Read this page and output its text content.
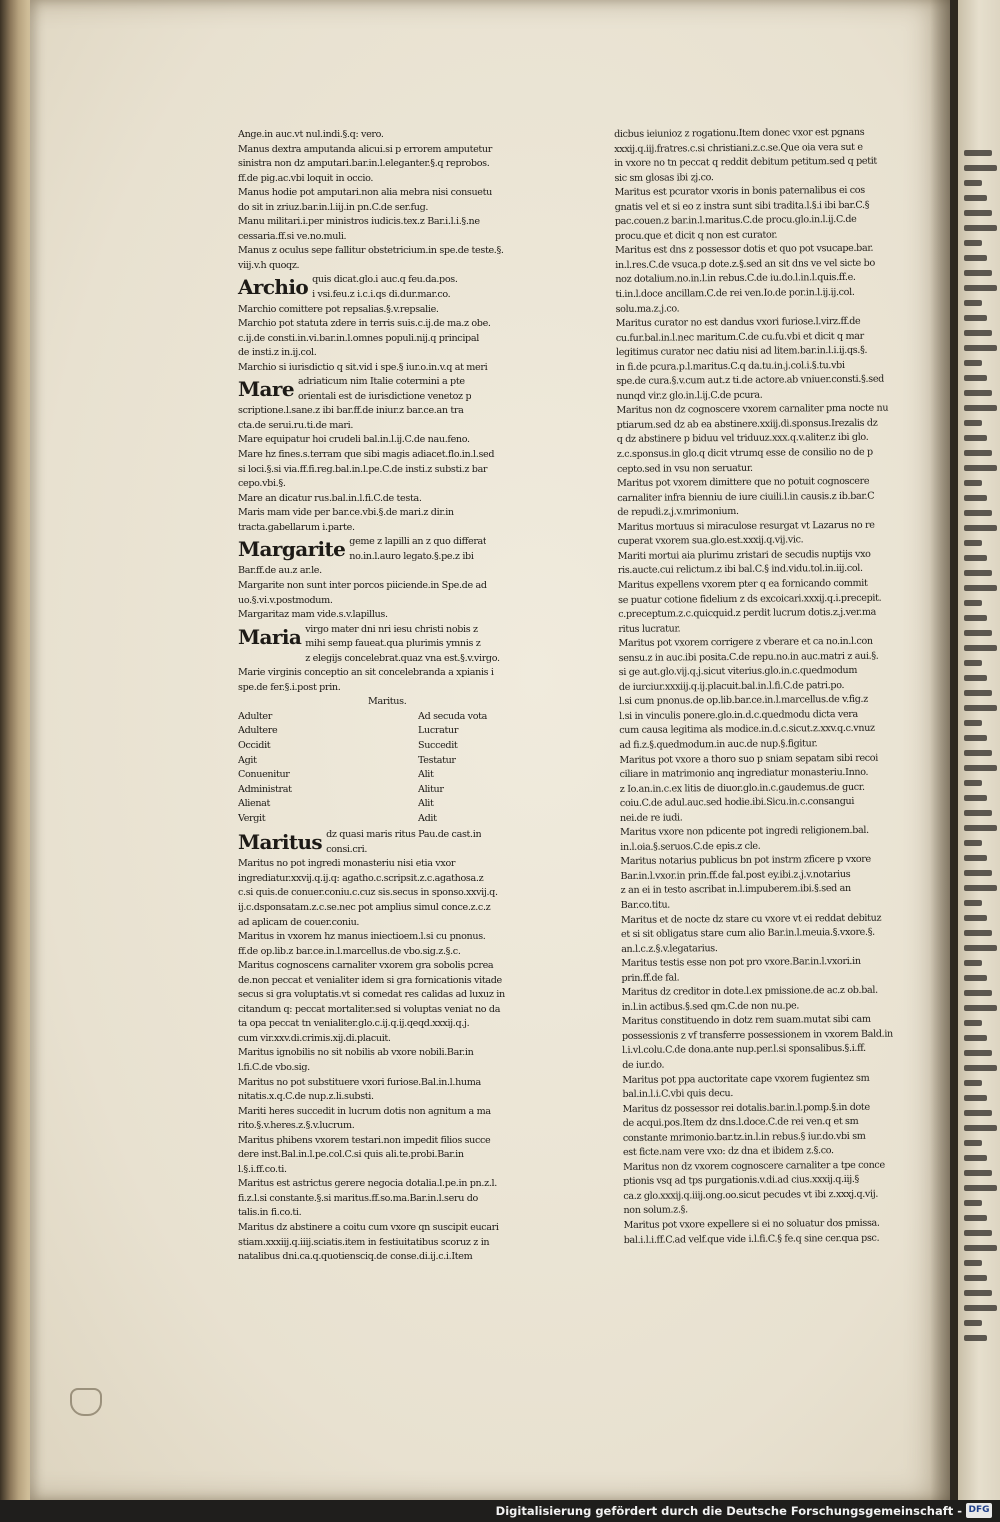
Ange.in auc.vt nul.indi.§.q: vero.
Manus dextra amputanda alicui.si p errorem amputetur
sinistra non dz amputari.bar.in.l.eleganter.§.q reprobos.
ff.de pig.ac.vbi loquit in occio.
Manus hodie pot amputari.non alia mebra nisi consuetu
do sit in zriuz.bar.in.l.iij.in pn.C.de ser.fug.
Manu militari.i.per ministros iudicis.tex.z Bar.i.l.i.§.ne
cessaria.ff.si ve.no.muli.
Manus z oculus sepe fallitur obstetricium.in spe.de teste.§.
viij.v.h quoqz.
Archio quis dicat.glo.i auc.q feu.da.pos.
i vsi.feu.z i.c.i.qs di.dur.mar.co.
Marchio comittere pot repsalias.§.v.repsalie.
Marchio pot statuta zdere in terris suis.c.ij.de ma.z obe.
c.ij.de consti.in.vi.bar.in.l.omnes populi.nij.q principal
de insti.z in.ij.col.
Marchio si iurisdictio q sit.vid i spe.§ iur.o.in.v.q at meri
Mare adriaticum nim Italie cotermini a pte
orientali est de iurisdictione venetoz p
scriptione.l.sane.z ibi bar.ff.de iniur.z bar.ce.an tra
cta.de serui.ru.ti.de mari.
Mare equipatur hoi crudeli bal.in.l.ij.C.de nau.feno.
Mare hz fines.s.terram que sibi magis adiacet.flo.in.l.sed
si loci.§.si via.ff.fi.reg.bal.in.l.pe.C.de insti.z substi.z bar
cepo.vbi.§.
Mare an dicatur rus.bal.in.l.fi.C.de testa.
Maris mam vide per bar.ce.vbi.§.de mari.z dir.in
tracta.gabellarum i.parte.
Margarite geme z lapilli an z quo differat
no.in.l.auro legato.§.pe.z ibi
Bar.ff.de au.z ar.le.
Margarite non sunt inter porcos piiciende.in Spe.de ad
uo.§.vi.v.postmodum.
Margaritaz mam vide.s.v.lapillus.
Maria virgo mater dni nri iesu christi nobis z
mihi semp faueat.qua plurimis ymnis z
z elegijs concelebrat.quaz vna est.§.v.virgo.
Marie virginis conceptio an sit concelebranda a xpianis i
spe.de fer.§.i.post prin.
Maritus.
Adulter	Ad secuda vota
Adultere	Lucratur
Occidit	Succedit
Agit	Testatur
Conuenitur	Alit
Administrat	Alitur
Alienat	Alit
Vergit	Adit
Maritus dz quasi maris ritus Pau.de cast.in
consi.cri.
Maritus no pot ingredi monasteriu nisi etia vxor
ingrediatur.xxvij.q.ij.q: agatho.c.scripsit.z.c.agathosa.z
c.si quis.de conuer.coniu.c.cuz sis.secus in sponso.xxvij.q.
ij.c.dsponsatam.z.c.se.nec pot amplius simul conce.z.c.z
ad aplicam de couer.coniu.
Maritus in vxorem hz manus iniectioem.l.si cu pnonus.
ff.de op.lib.z bar.ce.in.l.marcellus.de vbo.sig.z.§.c.
Maritus cognoscens carnaliter vxorem gra sobolis pcrea
de.non peccat et venialiter idem si gra fornicationis vitade
secus si gra voluptatis.vt si comedat res calidas ad luxuz in
citandum q: peccat mortaliter.sed si voluptas veniat no da
ta opa peccat tn venialiter.glo.c.ij.q.ij.qeqd.xxxij.q.j.
cum vir.xxv.di.crimis.xij.di.placuit.
Maritus ignobilis no sit nobilis ab vxore nobili.Bar.in
l.fi.C.de vbo.sig.
Maritus no pot substituere vxori furiose.Bal.in.l.huma
nitatis.x.q.C.de nup.z.li.substi.
Mariti heres succedit in lucrum dotis non agnitum a ma
rito.§.v.heres.z.§.v.lucrum.
Maritus phibens vxorem testari.non impedit filios succe
dere inst.Bal.in.l.pe.col.C.si quis ali.te.probi.Bar.in
l.§.i.ff.co.ti.
Maritus est astrictus gerere negocia dotalia.l.pe.in pn.z.l.
fi.z.l.si constante.§.si maritus.ff.so.ma.Bar.in.l.seru do
talis.in fi.co.ti.
Maritus dz abstinere a coitu cum vxore qn suscipit eucari
stiam.xxxiij.q.iiij.sciatis.item in festiuitatibus scoruz z in
natalibus dni.ca.q.quotiensciq.de conse.di.ij.c.i.Item
dicbus ieiunioz z rogationu.Item donec vxor est pgnans
xxxij.q.iij.fratres.c.si christiani.z.c.se.Que oia vera sut e
in vxore no tn peccat q reddit debitum petitum.sed q petit
sic sm glosas ibi zj.co.
Maritus est pcurator vxoris in bonis paternalibus ei cos
gnatis vel et si eo z instra sunt sibi tradita.l.§.i ibi bar.C.§
pac.couen.z bar.in.l.maritus.C.de procu.glo.in.l.ij.C.de
procu.que et dicit q non est curator.
Maritus est dns z possessor dotis et quo pot vsucape.bar.
in.l.res.C.de vsuca.p dote.z.§.sed an sit dns ve vel sicte bo
noz dotalium.no.in.l.in rebus.C.de iu.do.l.in.l.quis.ff.e.
ti.in.l.doce ancillam.C.de rei ven.Io.de por.in.l.ij.ij.col.
solu.ma.z.j.co.
Maritus curator no est dandus vxori furiose.l.virz.ff.de
cu.fur.bal.in.l.nec maritum.C.de cu.fu.vbi et dicit q mar
legitimus curator nec datiu nisi ad litem.bar.in.l.i.ij.qs.§.
in fi.de pcura.p.l.maritus.C.q da.tu.in.j.col.i.§.tu.vbi
spe.de cura.§.v.cum aut.z ti.de actore.ab vniuer.consti.§.sed
nunqd vir.z glo.in.l.ij.C.de pcura.
Maritus non dz cognoscere vxorem carnaliter pma nocte nu
ptiarum.sed dz ab ea abstinere.xxiij.di.sponsus.Irezalis dz
q dz abstinere p biduu vel triduuz.xxx.q.v.aliter.z ibi glo.
z.c.sponsus.in glo.q dicit vtrumq esse de consilio no de p
cepto.sed in vsu non seruatur.
Maritus pot vxorem dimittere que no potuit cognoscere
carnaliter infra bienniu de iure ciuili.l.in causis.z ib.bar.C
de repudi.z.j.v.mrimonium.
Maritus mortuus si miraculose resurgat vt Lazarus no re
cuperat vxorem sua.glo.est.xxxij.q.vij.vic.
Mariti mortui aia plurimu zristari de secudis nuptijs vxo
ris.aucte.cui relictum.z ibi bal.C.§ ind.vidu.tol.in.iij.col.
Maritus expellens vxorem pter q ea fornicando commit
se puatur cotione fidelium z ds excoicari.xxxij.q.i.precepit.
c.preceptum.z.c.quicquid.z perdit lucrum dotis.z.j.ver.ma
ritus lucratur.
Maritus pot vxorem corrigere z vberare et ca no.in.l.con
sensu.z in auc.ibi posita.C.de repu.no.in auc.matri z aui.§.
si ge aut.glo.vij.q.j.sicut viterius.glo.in.c.quedmodum
de iurciur.xxxiij.q.ij.placuit.bal.in.l.fi.C.de patri.po.
l.si cum pnonus.de op.lib.bar.ce.in.l.marcellus.de v.fig.z
l.si in vinculis ponere.glo.in.d.c.quedmodu dicta vera
cum causa legitima als modice.in.d.c.sicut.z.xxv.q.c.vnuz
ad fi.z.§.quedmodum.in auc.de nup.§.figitur.
Maritus pot vxore a thoro suo p sniam sepatam sibi recoi
ciliare in matrimonio anq ingrediatur monasteriu.Inno.
z Io.an.in.c.ex litis de diuor.glo.in.c.gaudemus.de gucr.
coiu.C.de adul.auc.sed hodie.ibi.Sicu.in.c.consangui
nei.de re iudi.
Maritus vxore non pdicente pot ingredi religionem.bal.
in.l.oia.§.seruos.C.de epis.z cle.
Maritus notarius publicus bn pot instrm zficere p vxore
Bar.in.l.vxor.in prin.ff.de fal.post ey.ibi.z.j.v.notarius
z an ei in testo ascribat in.l.impuberem.ibi.§.sed an
Bar.co.titu.
Maritus et de nocte dz stare cu vxore vt ei reddat debituz
et si sit obligatus stare cum alio Bar.in.l.meuia.§.vxore.§.
an.l.c.z.§.v.legatarius.
Maritus testis esse non pot pro vxore.Bar.in.l.vxori.in
prin.ff.de fal.
Maritus dz creditor in dote.l.ex pmissione.de ac.z ob.bal.
in.l.in actibus.§.sed qm.C.de non nu.pe.
Maritus constituendo in dotz rem suam.mutat sibi cam
possessionis z vf transferre possessionem in vxorem Bald.in
l.i.vl.colu.C.de dona.ante nup.per.l.si sponsalibus.§.i.ff.
de iur.do.
Maritus pot ppa auctoritate cape vxorem fugientez sm
bal.in.l.i.C.vbi quis decu.
Maritus dz possessor rei dotalis.bar.in.l.pomp.§.in dote
de acqui.pos.Item dz dns.l.doce.C.de rei ven.q et sm
constante mrimonio.bar.tz.in.l.in rebus.§ iur.do.vbi sm
est ficte.nam vere vxo: dz dna et ibidem z.§.co.
Maritus non dz vxorem cognoscere carnaliter a tpe conce
ptionis vsq ad tps purgationis.v.di.ad cius.xxxij.q.iij.§
ca.z glo.xxxij.q.iiij.ong.oo.sicut pecudes vt ibi z.xxxj.q.vij.
non solum.z.§.
Maritus pot vxore expellere si ei no soluatur dos pmissa.
bal.i.l.i.ff.C.ad velf.que vide i.l.fi.C.§ fe.q sine cer.qua psc.
Digitalisierung gefördert durch die Deutsche Forschungsgemeinschaft - DFG
